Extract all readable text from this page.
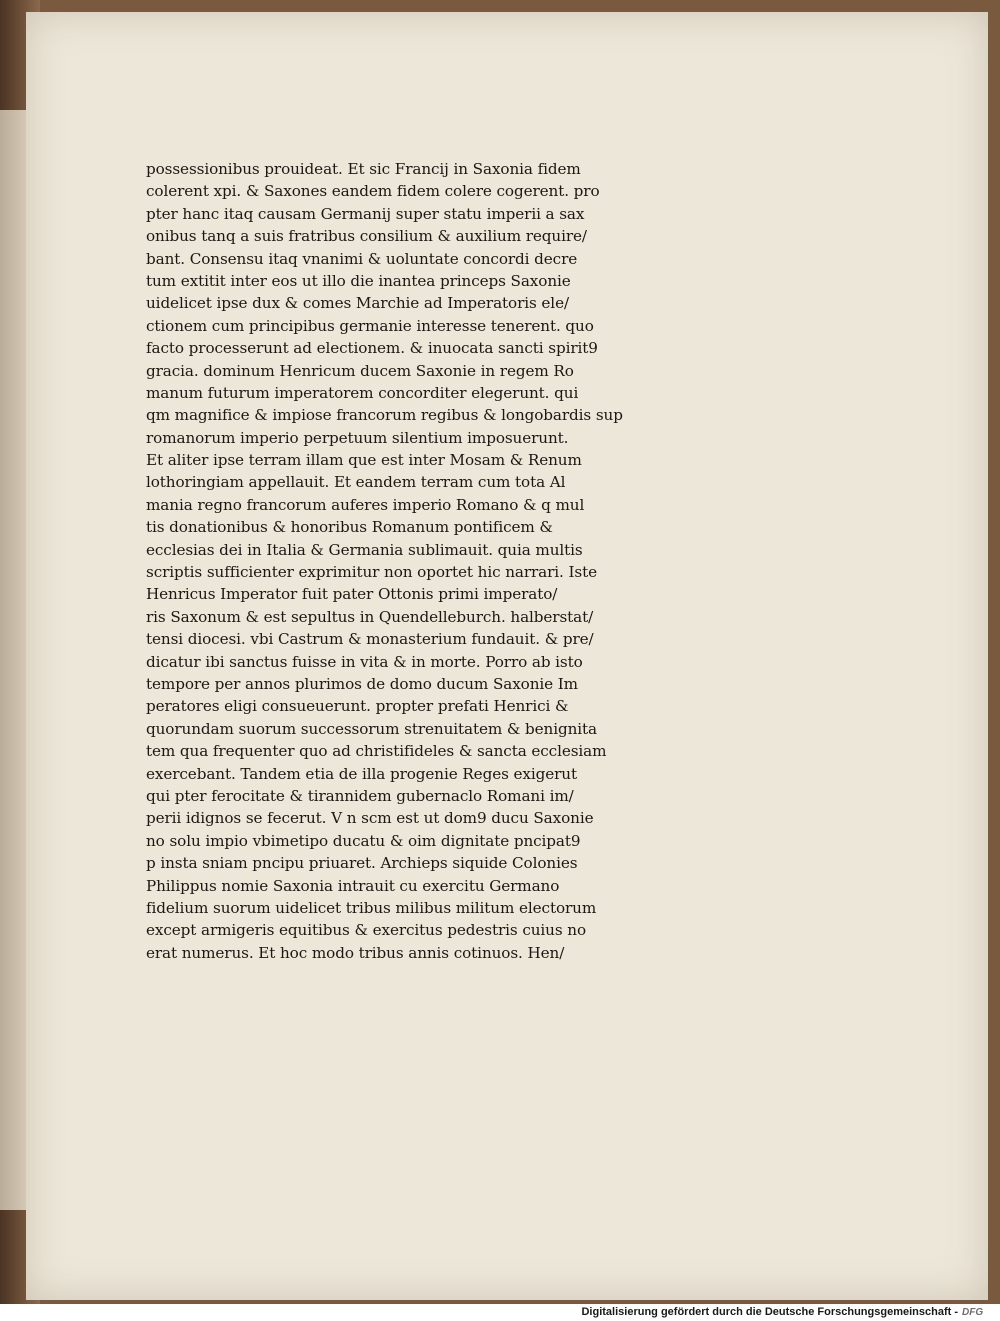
possessionibus prouideat. Et sic Francij in Saxonia fidem
colerent xpi. & Saxones eandem fidem colere cogerent. pro
pter hanc itaq causam Germanij super statu imperii a sax
onibus tanq a suis fratribus consilium & auxilium require/
bant. Consensu itaq vnanimi & uoluntate concordi decre
tum extitit inter eos ut illo die inantea princeps Saxonie
uidelicet ipse dux & comes Marchie ad Imperatoris ele/
ctionem cum principibus germanie interesse tenerent. quo
facto processerunt ad electionem. & inuocata sancti spirit9
gracia. dominum Henricum ducem Saxonie in regem Ro
manum futurum imperatorem concorditer elegerunt. qui
qm magnifice & impiose francorum regibus & longobardis sup
romanorum imperio perpetuum silentium imposuerunt.
Et aliter ipse terram illam que est inter Mosam & Renum
lothoringiam appellauit. Et eandem terram cum tota Al
mania regno francorum auferes imperio Romano & q mul
tis donationibus & honoribus Romanum pontificem &
ecclesias dei in Italia & Germania sublimauit. quia multis
scriptis sufficienter exprimitur non oportet hic narrari. Iste
Henricus Imperator fuit pater Ottonis primi imperato/
ris Saxonum & est sepultus in Quendelleburch. halberstat/
tensi diocesi. vbi Castrum & monasterium fundauit. & pre/
dicatur ibi sanctus fuisse in vita & in morte. Porro ab isto
tempore per annos plurimos de domo ducum Saxonie Im
peratores eligi consueuerunt. propter prefati Henrici &
quorundam suorum successorum strenuitatem & benignita
tem qua frequenter quo ad christifideles & sancta ecclesiam
exercebant. Tandem etia de illa progenie Reges exigerut
qui pter ferocitate & tirannidem gubernaclo Romani im/
perii idignos se fecerut. V n scm est ut dom9 ducu Saxonie
no solu impio vbimetipo ducatu & oim dignitate pncipat9
p insta sniam pncipu priuaret. Archieps siquide Colonies
Philippus nomie Saxonia intrauit cu exercitu Germano
fidelium suorum uidelicet tribus milibus militum electorum
except armigeris equitibus & exercitus pedestris cuius no
erat numerus. Et hoc modo tribus annis cotinuos. Hen/
Digitalisierung gefördert durch die Deutsche Forschungsgemeinschaft - DFG
